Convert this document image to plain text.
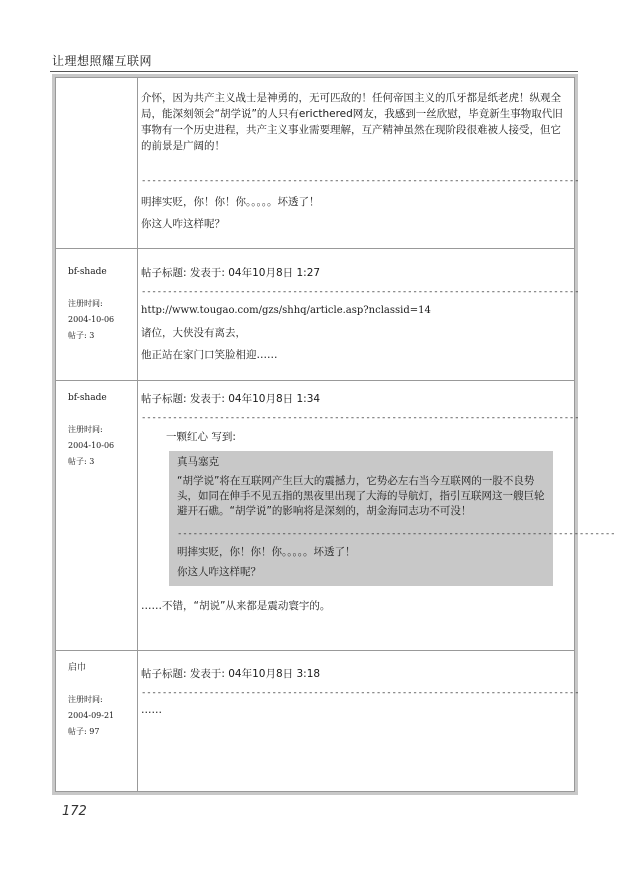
让理想照耀互联网

介怀，因为共产主义战士是神勇的，无可匹敌的！任何帝国主义的爪牙都是纸老虎！纵观全局，能深刻领会“胡学说”的人只有ericthered网友，我感到一丝欣慰，毕竟新生事物取代旧事物有一个历史进程，共产主义事业需要理解，互产精神虽然在现阶段很难被人接受，但它的前景是广阔的！

------------------------------------------------------------------------------------

明摔实贬，你！你！你。。。。。坏透了！

你这人咋这样呢？

bf-shade
注册时间:
2004-10-06
帖子: 3

帖子标题: 发表于: 04年10月8日 1:27

------------------------------------------------------------------------------------

http://www.tougao.com/gzs/shhq/article.asp?nclassid=14

诸位，大侠没有离去，

他正站在家门口笑脸相迎……

bf-shade
注册时间:
2004-10-06
帖子: 3

帖子标题: 发表于: 04年10月8日 1:34

------------------------------------------------------------------------------------

一颗红心 写到:

真马塞克

“胡学说”将在互联网产生巨大的震撼力，它势必左右当今互联网的一股不良势头，如同在伸手不见五指的黑夜里出现了大海的导航灯，指引互联网这一艘巨轮避开石礁。“胡学说”的影响将是深刻的，胡金海同志功不可没！

------------------------------------------------------------------------------------

明摔实贬，你！你！你。。。。。坏透了！

你这人咋这样呢？

……不错，“胡说”从来都是震动寰宇的。

启巾
注册时间:
2004-09-21
帖子: 97

帖子标题: 发表于: 04年10月8日 3:18

------------------------------------------------------------------------------------

……

172
